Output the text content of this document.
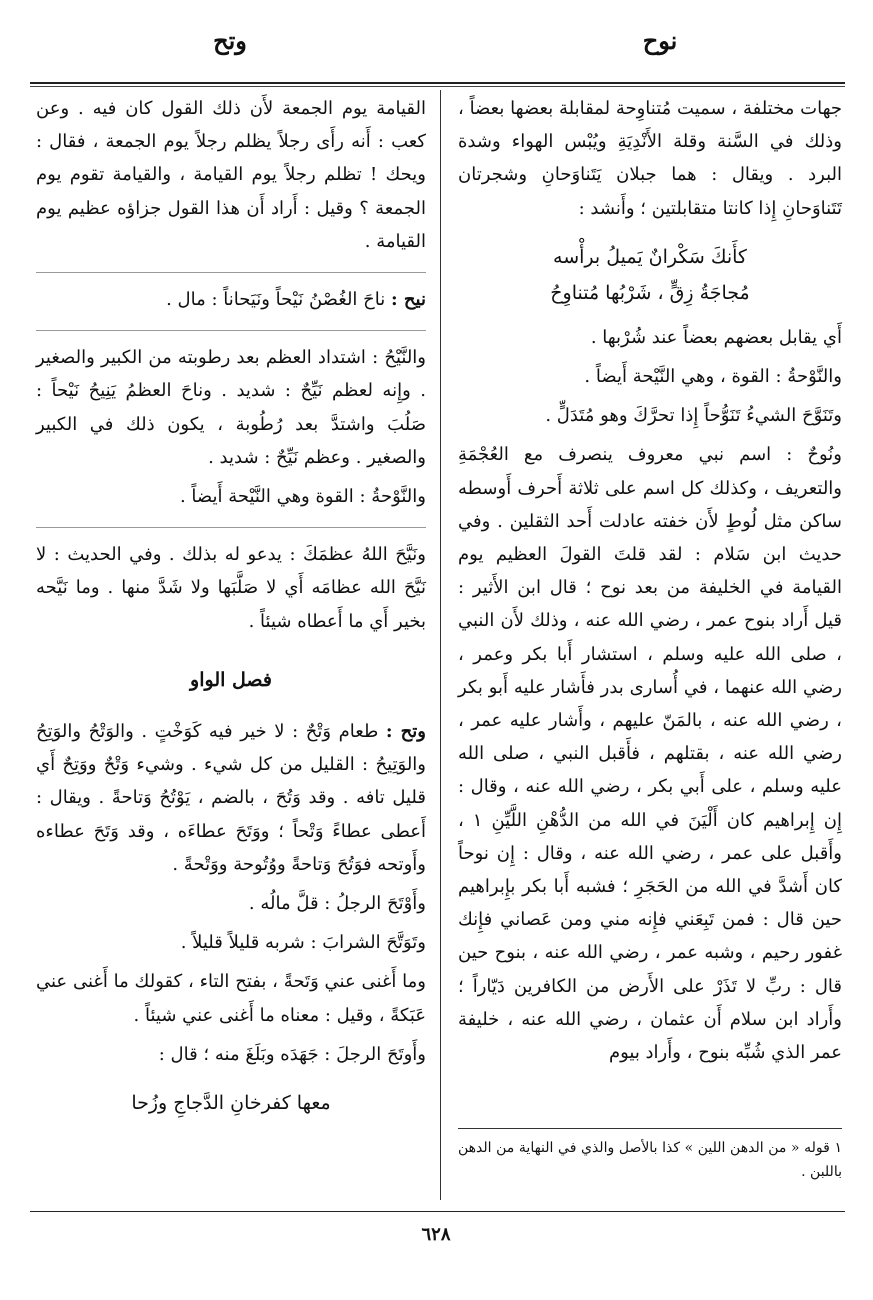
نوح
وتح

جهات مختلفة ، سميت مُتناوِحة لمقابلة بعضها بعضاً ، وذلك في السَّنة وقلة الأَنْدِيَةِ ويُبْس الهواء وشدة البرد . ويقال : هما جبلان يَتَناوَحانِ وشجرتان تَتَناوَحانِ إِذا كانتا متقابلتين ؛ وأَنشد :

كأَنكَ سَكْرانٌ يَميلُ برأْسه
مُجاجَةُ زِقٍّ ، شَرْبُها مُتناوِحُ

أَي يقابل بعضهم بعضاً عند شُرْبها .

والنَّوْحةُ : القوة ، وهي النَّيْحة أَيضاً .

وتَنَوَّحَ الشيءُ تَنَوُّحاً إِذا تحرَّكَ وهو مُتَدَلٍّ .

ونُوحٌ : اسم نبي معروف ينصرف مع العُجْمَةِ والتعريف ، وكذلك كل اسم على ثلاثة أَحرف أَوسطه ساكن مثل لُوطٍ لأَن خفته عادلت أَحد الثقلين . وفي حديث ابن سَلام : لقد قلتَ القولَ العظيم يوم القيامة في الخليفة من بعد نوح ؛ قال ابن الأَثير : قيل أَراد بنوح عمر ، رضي الله عنه ، وذلك لأَن النبي ، صلى الله عليه وسلم ، استشار أَبا بكر وعمر ، رضي الله عنهما ، في أُسارى بدر فأَشار عليه أَبو بكر ، رضي الله عنه ، بالمَنّ عليهم ، وأَشار عليه عمر ، رضي الله عنه ، بقتلهم ، فأَقبل النبي ، صلى الله عليه وسلم ، على أَبي بكر ، رضي الله عنه ، وقال : إِن إِبراهيم كان أَلْيَنَ في الله من الدُّهْنِ اللَّيِّنِ ١ ، وأَقبل على عمر ، رضي الله عنه ، وقال : إِن نوحاً كان أَشدَّ في الله من الحَجَرِ ؛ فشبه أَبا بكر بإِبراهيم حين قال : فمن تَبِعَني فإِنه مني ومن عَصاني فإِنك غفور رحيم ، وشبه عمر ، رضي الله عنه ، بنوح حين قال : ربِّ لا تَذَرْ على الأَرض من الكافرين دَيّاراً ؛ وأَراد ابن سلام أَن عثمان ، رضي الله عنه ، خليفة عمر الذي شُبِّه بنوح ، وأَراد بيوم

١ قوله « من الدهن اللين » كذا بالأصل والذي في النهاية من الدهن باللبن .

القيامة يوم الجمعة لأَن ذلك القول كان فيه . وعن كعب : أَنه رأَى رجلاً يظلم رجلاً يوم الجمعة ، فقال : ويحك ! تظلم رجلاً يوم القيامة ، والقيامة تقوم يوم الجمعة ؟ وقيل : أَراد أَن هذا القول جزاؤه عظيم يوم القيامة .

نيح : ناحَ الغُصْنُ نَيْحاً ونَيَحاناً : مال .

والنَّيْحُ : اشتداد العظم بعد رطوبته من الكبير والصغير . وإِنه لعظم نَيِّحٌ : شديد . وناحَ العظمُ يَنِيحُ نَيْحاً : صَلُبَ واشتدَّ بعد رُطُوبة ، يكون ذلك في الكبير والصغير . وعظم نَيِّحٌ : شديد .

والنَّوْحةُ : القوة وهي النَّيْحة أَيضاً .

ونَيَّحَ اللهُ عظمَكَ : يدعو له بذلك . وفي الحديث : لا نَيَّحَ الله عظامَه أَي لا صَلَّبَها ولا شَدَّ منها . وما نَيَّحه بخير أَي ما أَعطاه شيئاً .

فصل الواو

وتح : طعام وَتْحٌ : لا خير فيه كَوَخْتٍ . والوَتْحُ والوَتِحُ والوَتِيحُ : القليل من كل شيء . وشيء وَتْحٌ ووَتِحٌ أَي قليل تافه . وقد وَتُحَ ، بالضم ، يَوْتُحُ وَتاحةً . ويقال : أَعطى عطاءً وَتْحاً ؛ ووَتَحَ عطاءَه ، وقد وَتَحَ عطاءه وأَوتحه فوَتُحَ وَتاحةً ووُتُوحة ووَتْحةً .

وأَوْتَحَ الرجلُ : قلَّ مالُه .

وتَوَتَّحَ الشرابَ : شربه قليلاً قليلاً .

وما أَغنى عني وَتَحةً ، بفتح التاء ، كقولك ما أَغنى عني عَبَكةً ، وقيل : معناه ما أَغنى عني شيئاً .

وأَوتَحَ الرجلَ : جَهَدَه وبَلَغَ منه ؛ قال :

معها كفرخانِ الدَّجاجِ وزُحا
٦٢٨
